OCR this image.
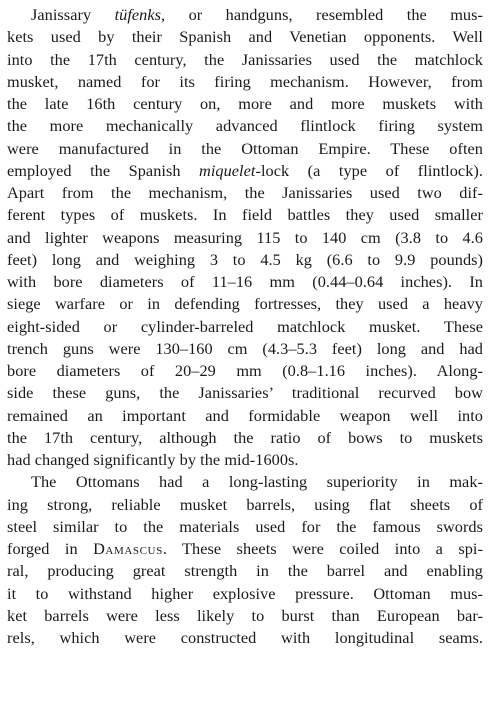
Janissary tüfenks, or handguns, resembled the mus-
kets used by their Spanish and Venetian opponents. Well
into the 17th century, the Janissaries used the matchlock
musket, named for its firing mechanism. However, from
the late 16th century on, more and more muskets with
the more mechanically advanced flintlock firing system
were manufactured in the Ottoman Empire. These often
employed the Spanish miquelet-lock (a type of flintlock).
Apart from the mechanism, the Janissaries used two dif-
ferent types of muskets. In field battles they used smaller
and lighter weapons measuring 115 to 140 cm (3.8 to 4.6
feet) long and weighing 3 to 4.5 kg (6.6 to 9.9 pounds)
with bore diameters of 11–16 mm (0.44–0.64 inches). In
siege warfare or in defending fortresses, they used a heavy
eight-sided or cylinder-barreled matchlock musket. These
trench guns were 130–160 cm (4.3–5.3 feet) long and had
bore diameters of 20–29 mm (0.8–1.16 inches). Along-
side these guns, the Janissaries’ traditional recurved bow
remained an important and formidable weapon well into
the 17th century, although the ratio of bows to muskets
had changed significantly by the mid-1600s.

The Ottomans had a long-lasting superiority in mak-
ing strong, reliable musket barrels, using flat sheets of
steel similar to the materials used for the famous swords
forged in Damascus. These sheets were coiled into a spi-
ral, producing great strength in the barrel and enabling
it to withstand higher explosive pressure. Ottoman mus-
ket barrels were less likely to burst than European bar-
rels, which were constructed with longitudinal seams.
